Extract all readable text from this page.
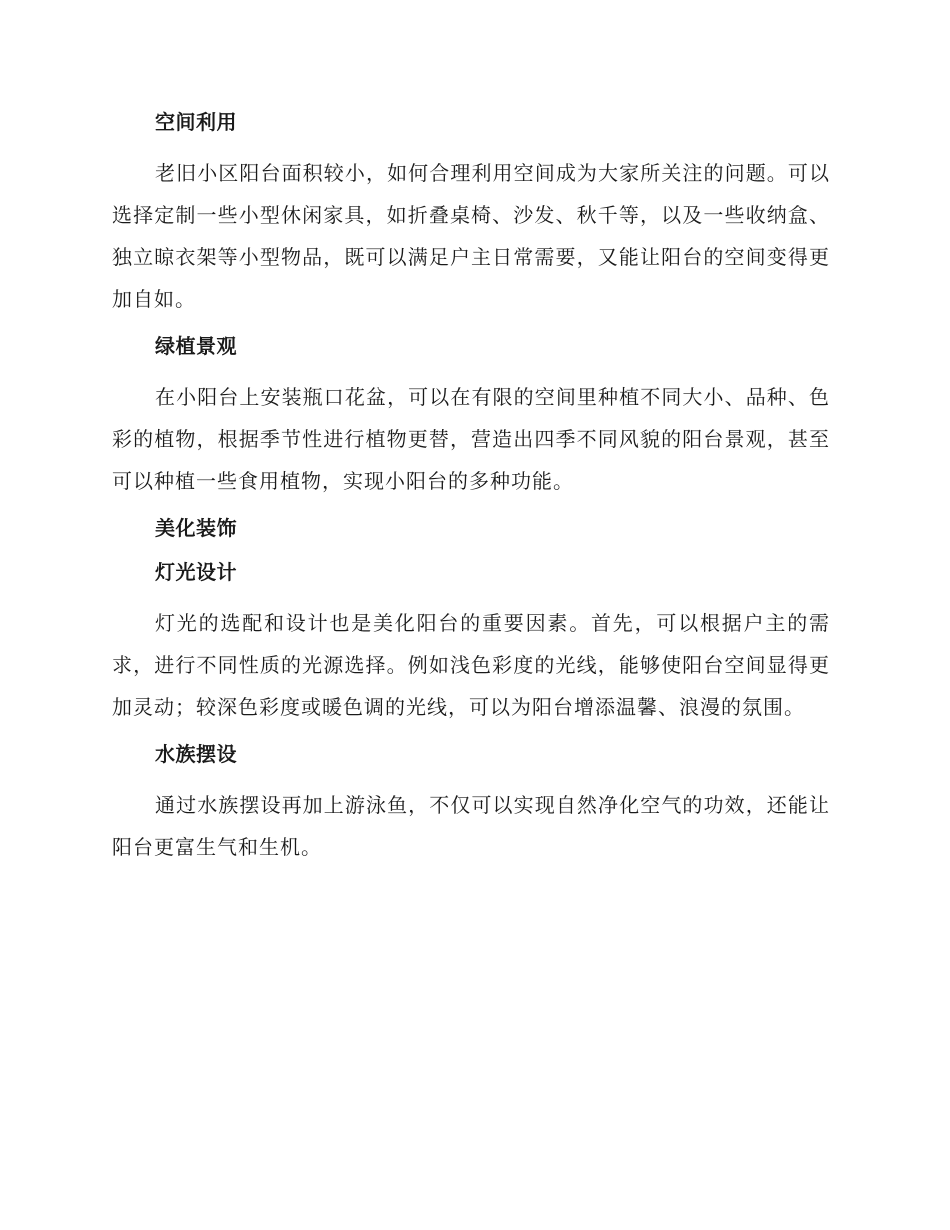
空间利用

老旧小区阳台面积较小，如何合理利用空间成为大家所关注的问题。可以选择定制一些小型休闲家具，如折叠桌椅、沙发、秋千等，以及一些收纳盒、独立晾衣架等小型物品，既可以满足户主日常需要，又能让阳台的空间变得更加自如。

绿植景观

在小阳台上安装瓶口花盆，可以在有限的空间里种植不同大小、品种、色彩的植物，根据季节性进行植物更替，营造出四季不同风貌的阳台景观，甚至可以种植一些食用植物，实现小阳台的多种功能。

美化装饰
灯光设计

灯光的选配和设计也是美化阳台的重要因素。首先，可以根据户主的需求，进行不同性质的光源选择。例如浅色彩度的光线，能够使阳台空间显得更加灵动；较深色彩度或暖色调的光线，可以为阳台增添温馨、浪漫的氛围。

水族摆设

通过水族摆设再加上游泳鱼，不仅可以实现自然净化空气的功效，还能让阳台更富生气和生机。
